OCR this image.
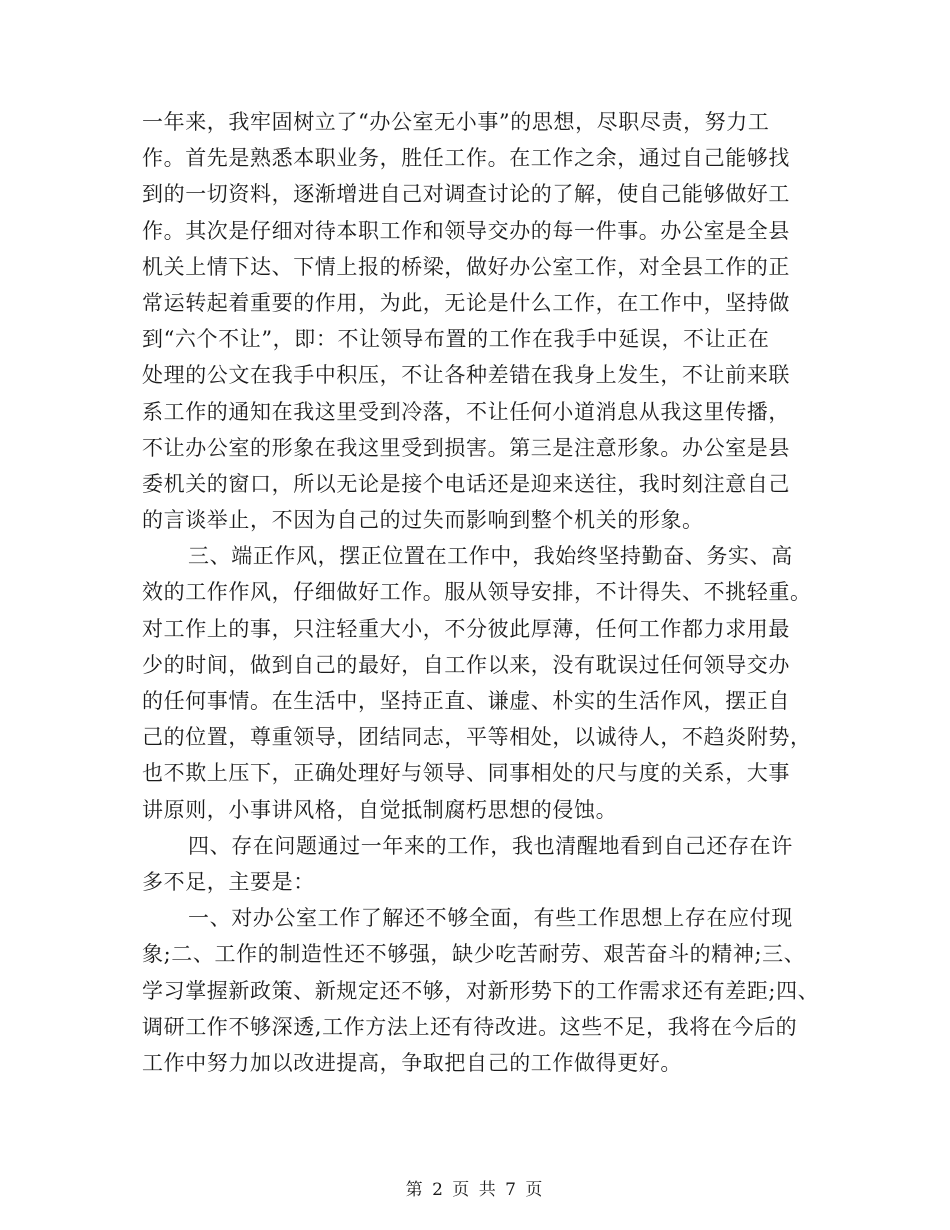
一年来，我牢固树立了“办公室无小事”的思想，尽职尽责，努力工
作。首先是熟悉本职业务，胜任工作。在工作之余，通过自己能够找
到的一切资料，逐渐增进自己对调查讨论的了解，使自己能够做好工
作。其次是仔细对待本职工作和领导交办的每一件事。办公室是全县
机关上情下达、下情上报的桥梁，做好办公室工作，对全县工作的正
常运转起着重要的作用，为此，无论是什么工作，在工作中，坚持做
到“六个不让”，即：不让领导布置的工作在我手中延误，不让正在
处理的公文在我手中积压，不让各种差错在我身上发生，不让前来联
系工作的通知在我这里受到冷落，不让任何小道消息从我这里传播，
不让办公室的形象在我这里受到损害。第三是注意形象。办公室是县
委机关的窗口，所以无论是接个电话还是迎来送往，我时刻注意自己
的言谈举止，不因为自己的过失而影响到整个机关的形象。
三、端正作风，摆正位置在工作中，我始终坚持勤奋、务实、高
效的工作作风，仔细做好工作。服从领导安排，不计得失、不挑轻重。
对工作上的事，只注轻重大小，不分彼此厚薄，任何工作都力求用最
少的时间，做到自己的最好，自工作以来，没有耽误过任何领导交办
的任何事情。在生活中，坚持正直、谦虚、朴实的生活作风，摆正自
己的位置，尊重领导，团结同志，平等相处，以诚待人，不趋炎附势，
也不欺上压下，正确处理好与领导、同事相处的尺与度的关系，大事
讲原则，小事讲风格，自觉抵制腐朽思想的侵蚀。
四、存在问题通过一年来的工作，我也清醒地看到自己还存在许
多不足，主要是：
一、对办公室工作了解还不够全面，有些工作思想上存在应付现
象;二、工作的制造性还不够强，缺少吃苦耐劳、艰苦奋斗的精神;三、
学习掌握新政策、新规定还不够，对新形势下的工作需求还有差距;四、
调研工作不够深透,工作方法上还有待改进。这些不足，我将在今后的
工作中努力加以改进提高，争取把自己的工作做得更好。
第 2 页 共 7 页
